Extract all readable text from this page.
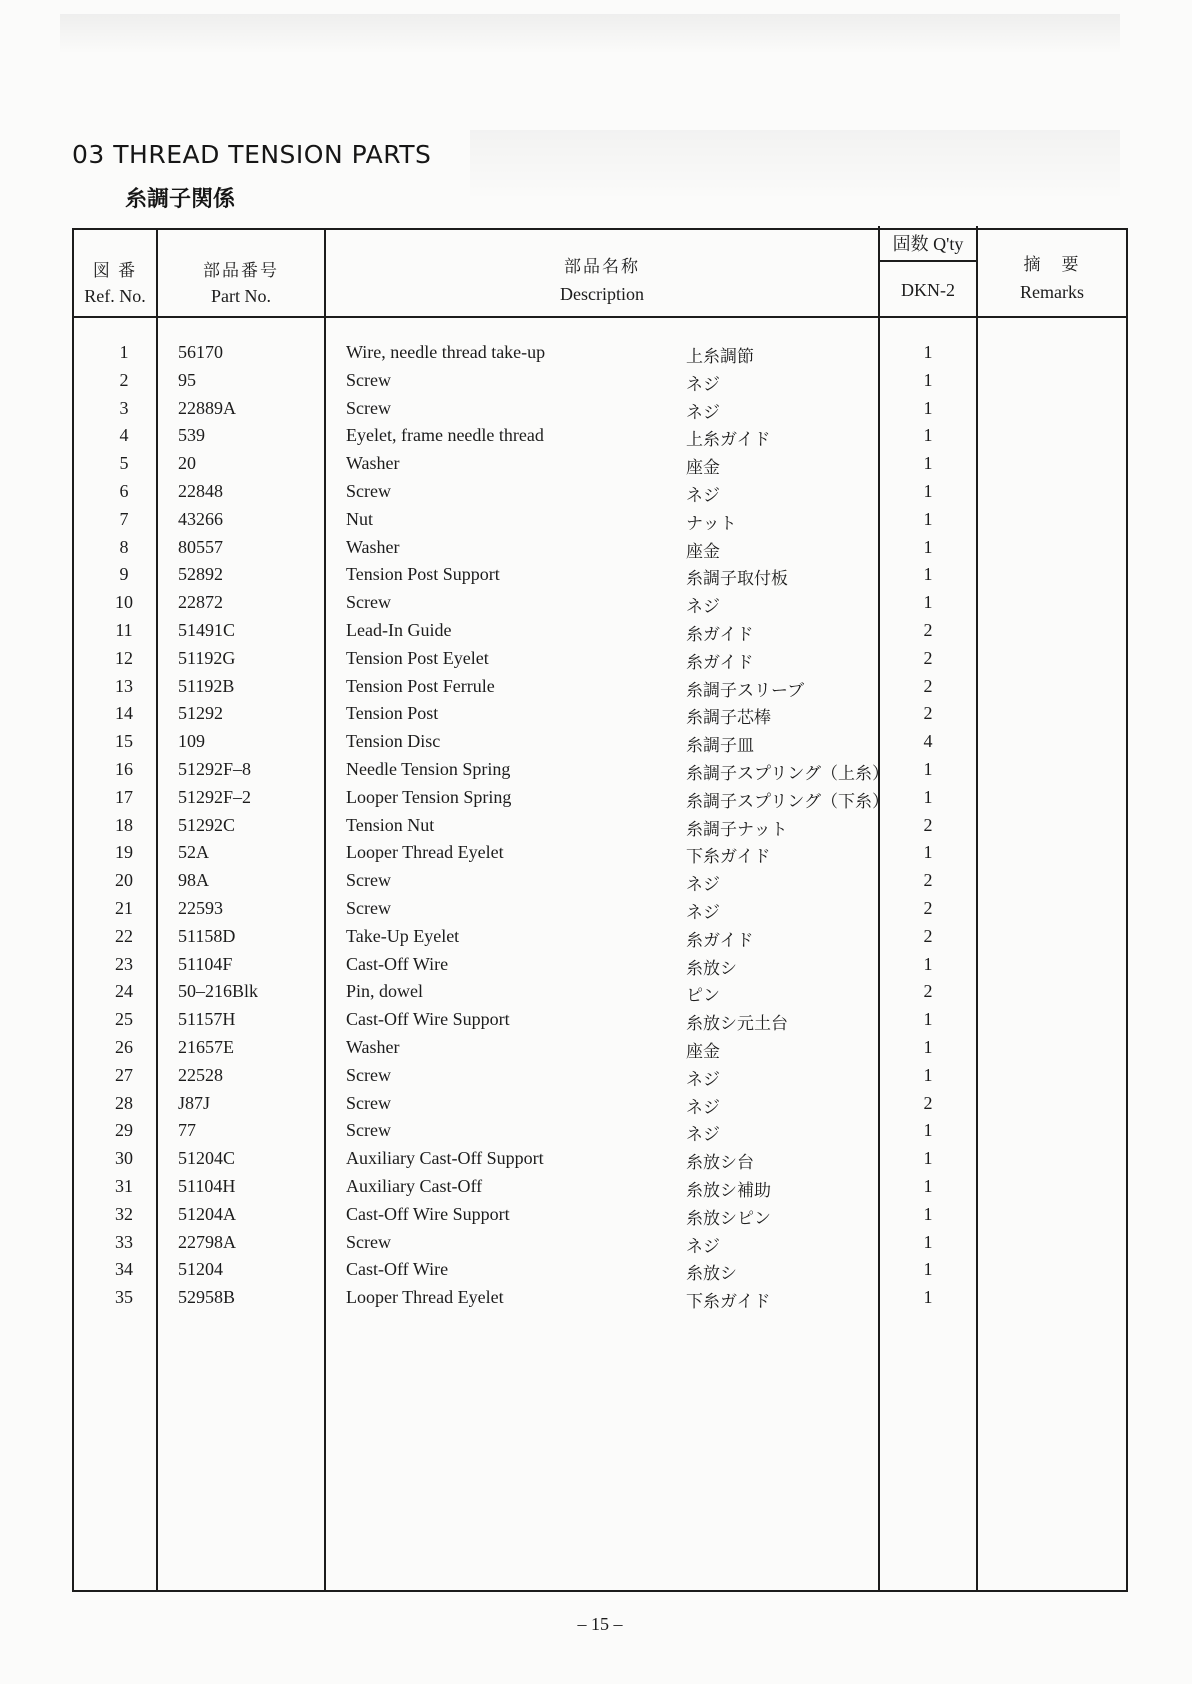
03 THREAD TENSION PARTS
糸調子関係
図 番
Ref. No.
部品番号
Part No.
部品名称
Description
固数 Q'ty
DKN-2
摘　要
Remarks
1	56170	Wire, needle thread take-up	上糸調節	1
2	95	Screw	ネジ	1
3	22889A	Screw	ネジ	1
4	539	Eyelet, frame needle thread	上糸ガイド	1
5	20	Washer	座金	1
6	22848	Screw	ネジ	1
7	43266	Nut	ナット	1
8	80557	Washer	座金	1
9	52892	Tension Post Support	糸調子取付板	1
10	22872	Screw	ネジ	1
11	51491C	Lead-In Guide	糸ガイド	2
12	51192G	Tension Post Eyelet	糸ガイド	2
13	51192B	Tension Post Ferrule	糸調子スリーブ	2
14	51292	Tension Post	糸調子芯棒	2
15	109	Tension Disc	糸調子皿	4
16	51292F–8	Needle Tension Spring	糸調子スプリング（上糸）	1
17	51292F–2	Looper Tension Spring	糸調子スプリング（下糸）	1
18	51292C	Tension Nut	糸調子ナット	2
19	52A	Looper Thread Eyelet	下糸ガイド	1
20	98A	Screw	ネジ	2
21	22593	Screw	ネジ	2
22	51158D	Take-Up Eyelet	糸ガイド	2
23	51104F	Cast-Off Wire	糸放シ	1
24	50–216Blk	Pin, dowel	ピン	2
25	51157H	Cast-Off Wire Support	糸放シ元土台	1
26	21657E	Washer	座金	1
27	22528	Screw	ネジ	1
28	J87J	Screw	ネジ	2
29	77	Screw	ネジ	1
30	51204C	Auxiliary Cast-Off Support	糸放シ台	1
31	51104H	Auxiliary Cast-Off	糸放シ補助	1
32	51204A	Cast-Off Wire Support	糸放シピン	1
33	22798A	Screw	ネジ	1
34	51204	Cast-Off Wire	糸放シ	1
35	52958B	Looper Thread Eyelet	下糸ガイド	1
– 15 –
